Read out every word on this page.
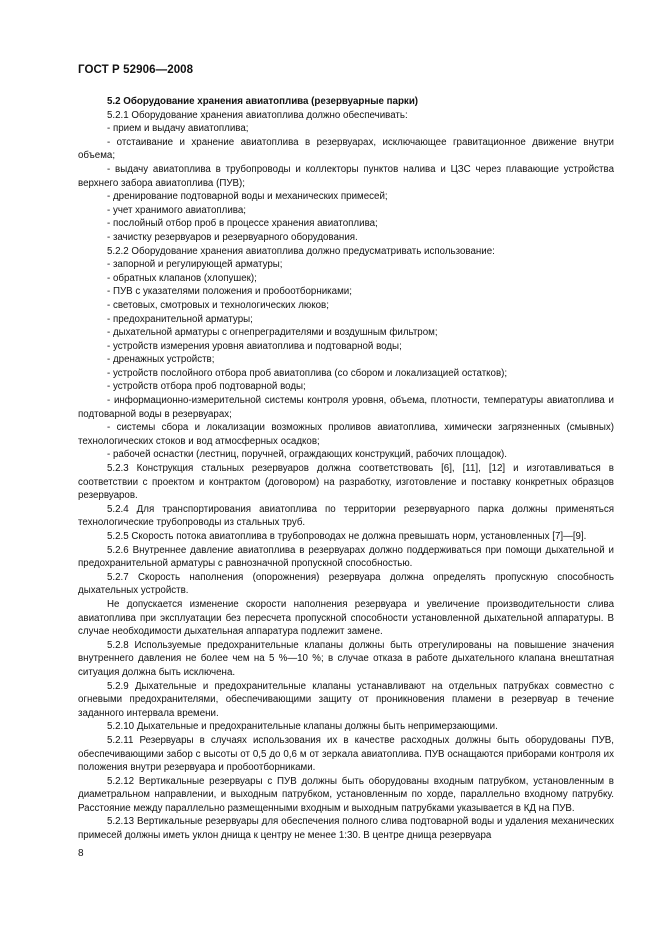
ГОСТ Р 52906—2008

5.2 Оборудование хранения авиатоплива (резервуарные парки)

5.2.1 Оборудование хранения авиатоплива должно обеспечивать:

- прием и выдачу авиатоплива;

- отстаивание и хранение авиатоплива в резервуарах, исключающее гравитационное движение внутри объема;

- выдачу авиатоплива в трубопроводы и коллекторы пунктов налива и ЦЗС через плавающие устройства верхнего забора авиатоплива (ПУВ);

- дренирование подтоварной воды и механических примесей;

- учет хранимого авиатоплива;

- послойный отбор проб в процессе хранения авиатоплива;

- зачистку резервуаров и резервуарного оборудования.

5.2.2 Оборудование хранения авиатоплива должно предусматривать использование:

- запорной и регулирующей арматуры;

- обратных клапанов (хлопушек);

- ПУВ с указателями положения и пробоотборниками;

- световых, смотровых и технологических люков;

- предохранительной арматуры;

- дыхательной арматуры с огнепреградителями и воздушным фильтром;

- устройств измерения уровня авиатоплива и подтоварной воды;

- дренажных устройств;

- устройств послойного отбора проб авиатоплива (со сбором и локализацией остатков);

- устройств отбора проб подтоварной воды;

- информационно-измерительной системы контроля уровня, объема, плотности, температуры авиатоплива и подтоварной воды в резервуарах;

- системы сбора и локализации возможных проливов авиатоплива, химически загрязненных (смывных) технологических стоков и вод атмосферных осадков;

- рабочей оснастки (лестниц, поручней, ограждающих конструкций, рабочих площадок).

5.2.3 Конструкция стальных резервуаров должна соответствовать [6], [11], [12] и изготавливаться в соответствии с проектом и контрактом (договором) на разработку, изготовление и поставку конкретных образцов резервуаров.

5.2.4 Для транспортирования авиатоплива по территории резервуарного парка должны применяться технологические трубопроводы из стальных труб.

5.2.5 Скорость потока авиатоплива в трубопроводах не должна превышать норм, установленных [7]—[9].

5.2.6 Внутреннее давление авиатоплива в резервуарах должно поддерживаться при помощи дыхательной и предохранительной арматуры с равнозначной пропускной способностью.

5.2.7 Скорость наполнения (опорожнения) резервуара должна определять пропускную способность дыхательных устройств.

Не допускается изменение скорости наполнения резервуара и увеличение производительности слива авиатоплива при эксплуатации без пересчета пропускной способности установленной дыхательной аппаратуры. В случае необходимости дыхательная аппаратура подлежит замене.

5.2.8 Используемые предохранительные клапаны должны быть отрегулированы на повышение значения внутреннего давления не более чем на 5 %—10 %; в случае отказа в работе дыхательного клапана внештатная ситуация должна быть исключена.

5.2.9 Дыхательные и предохранительные клапаны устанавливают на отдельных патрубках совместно с огневыми предохранителями, обеспечивающими защиту от проникновения пламени в резервуар в течение заданного интервала времени.

5.2.10 Дыхательные и предохранительные клапаны должны быть непримерзающими.

5.2.11 Резервуары в случаях использования их в качестве расходных должны быть оборудованы ПУВ, обеспечивающими забор с высоты от 0,5 до 0,6 м от зеркала авиатоплива. ПУВ оснащаются приборами контроля их положения внутри резервуара и пробоотборниками.

5.2.12 Вертикальные резервуары с ПУВ должны быть оборудованы входным патрубком, установленным в диаметральном направлении, и выходным патрубком, установленным по хорде, параллельно входному патрубку. Расстояние между параллельно размещенными входным и выходным патрубками указывается в КД на ПУВ.

5.2.13 Вертикальные резервуары для обеспечения полного слива подтоварной воды и удаления механических примесей должны иметь уклон днища к центру не менее 1:30. В центре днища резервуара

8
